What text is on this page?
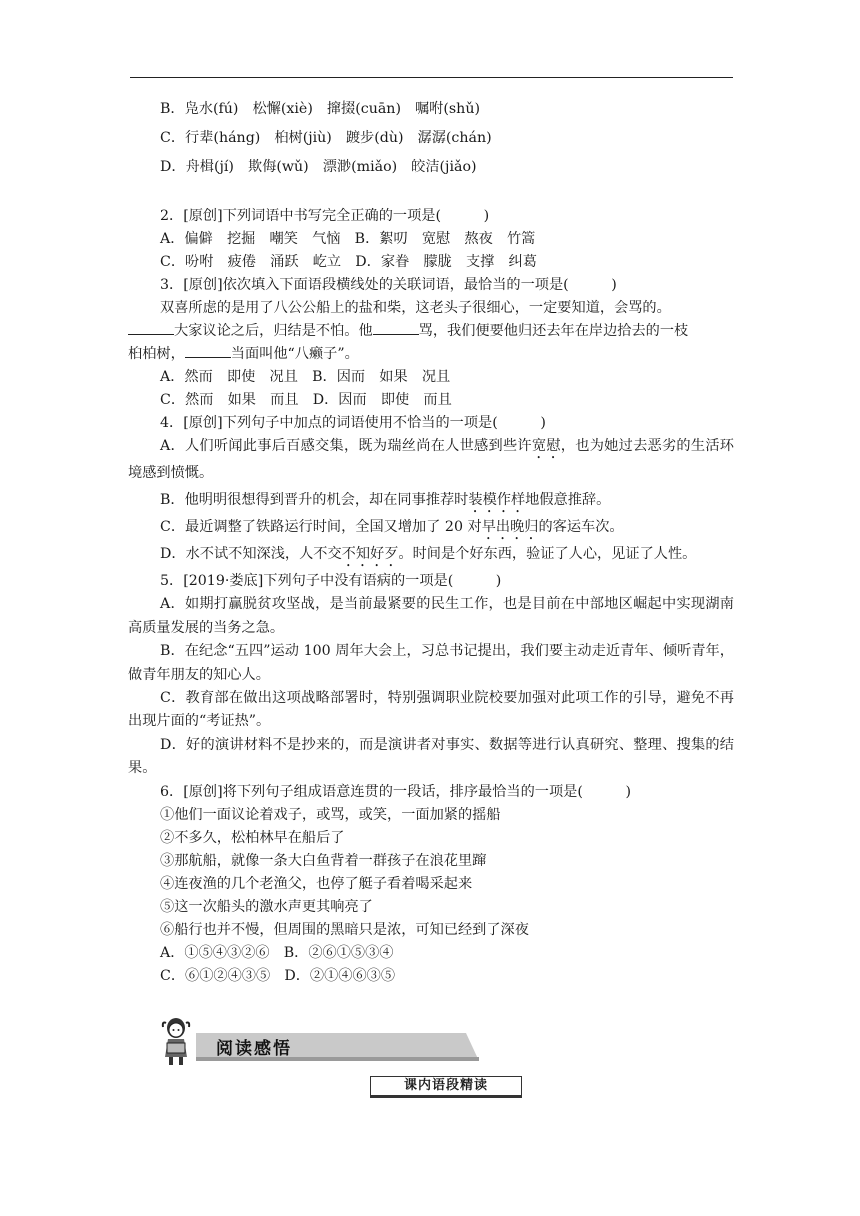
B．凫水(fú) 松懈(xiè) 撺掇(cuān) 嘱咐(shǔ)
C．行辈(háng) 桕树(jiù) 踱步(dù) 潺潺(chán)
D．舟楫(jí) 欺侮(wǔ) 漂渺(miǎo) 皎洁(jiǎo)
2．[原创]下列词语中书写完全正确的一项是(　　　)
A．偏僻　挖掘　嘲笑　气恼　B．絮叨　宽慰　熬夜　竹篙
C．吩咐　疲倦　涌跃　屹立　D．家眷　朦胧　支撑　纠葛
3．[原创]依次填入下面语段横线处的关联词语，最恰当的一项是(　　　)
双喜所虑的是用了八公公船上的盐和柴，这老头子很细心，一定要知道，会骂的。
大家议论之后，归结是不怕。他	骂，我们便要他归还去年在岸边拾去的一枝
桕柏树，	当面叫他“八癞子”。
A．然而　即使　况且　B．因而　如果　况且
C．然而　如果　而且　D．因而　即使　而且
4．[原创]下列句子中加点的词语使用不恰当的一项是(　　　)
A．人们听闻此事后百感交集，既为瑞丝尚在人世感到些许宽慰，也为她过去恶劣的生活环境感到愤慨。
B．他明明很想得到晋升的机会，却在同事推荐时装模作样地假意推辞。
C．最近调整了铁路运行时间，全国又增加了 20 对早出晚归的客运车次。
D．水不试不知深浅，人不交不知好歹。时间是个好东西，验证了人心，见证了人性。
5．[2019·娄底]下列句子中没有语病的一项是(　　　)
A．如期打赢脱贫攻坚战，是当前最紧要的民生工作，也是目前在中部地区崛起中实现湖南高质量发展的当务之急。
B．在纪念“五四”运动 100 周年大会上，习总书记提出，我们要主动走近青年、倾听青年，做青年朋友的知心人。
C．教育部在做出这项战略部署时，特别强调职业院校要加强对此项工作的引导，避免不再出现片面的“考证热”。
D．好的演讲材料不是抄来的，而是演讲者对事实、数据等进行认真研究、整理、搜集的结果。
6．[原创]将下列句子组成语意连贯的一段话，排序最恰当的一项是(　　　)
①他们一面议论着戏子，或骂，或笑，一面加紧的摇船
②不多久，松柏林早在船后了
③那航船，就像一条大白鱼背着一群孩子在浪花里蹿
④连夜渔的几个老渔父，也停了艇子看着喝采起来
⑤这一次船头的激水声更其响亮了
⑥船行也并不慢，但周围的黑暗只是浓，可知已经到了深夜
A．①⑤④③②⑥　B．②⑥①⑤③④
C．⑥①②④③⑤　D．②①④⑥③⑤
阅读感悟
课内语段精读
